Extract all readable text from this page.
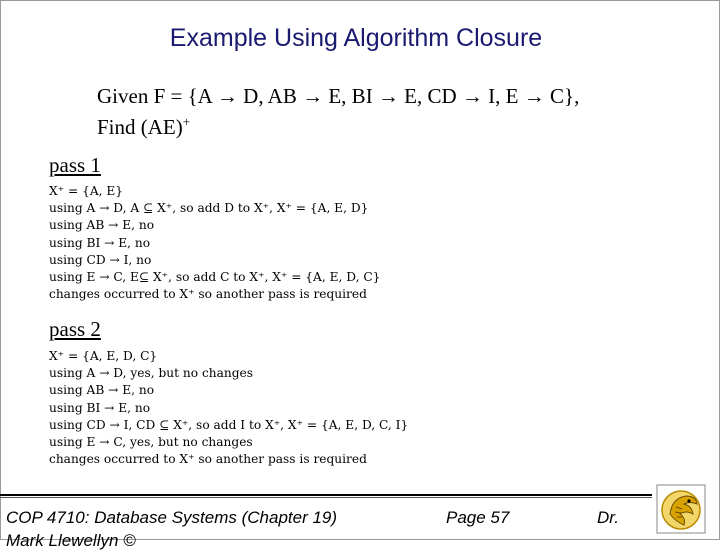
Example Using Algorithm Closure
Given F = {A → D, AB → E, BI → E, CD → I, E → C},
Find (AE)+
pass 1
X⁺ = {A, E}
using A → D, A ⊆ X⁺, so add D to X⁺, X⁺ = {A, E, D}
using AB → E, no
using BI → E, no
using CD → I, no
using E → C, E⊆ X⁺, so add C to X⁺, X⁺ = {A, E, D, C}
changes occurred to X⁺ so another pass is required
pass 2
X⁺ = {A, E, D, C}
using A → D, yes, but no changes
using AB → E, no
using BI → E, no
using CD → I, CD ⊆ X⁺, so add I to X⁺, X⁺ = {A, E, D, C, I}
using E → C, yes, but no changes
changes occurred to X⁺ so another pass is required
COP 4710: Database Systems (Chapter 19)	Page 57	Dr.
Mark Llewellyn ©
